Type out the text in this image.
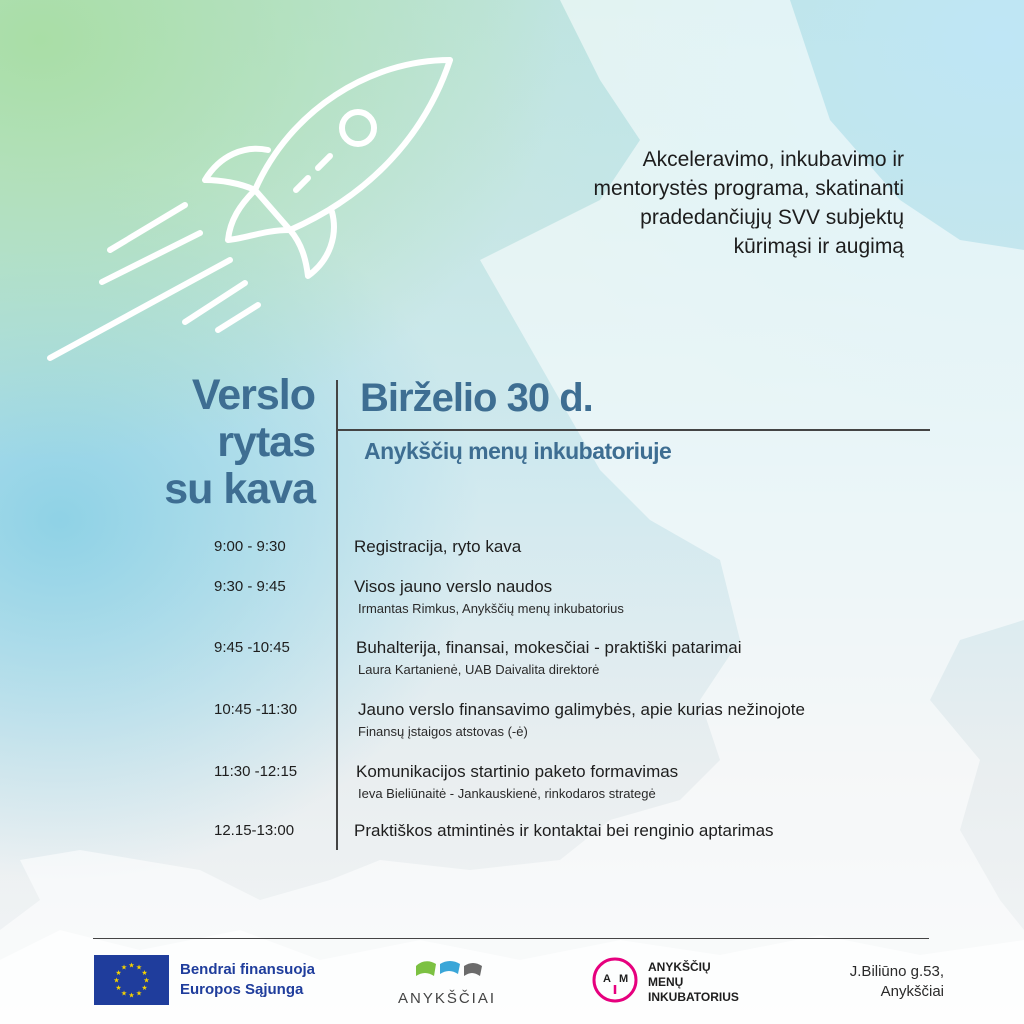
Akceleravimo, inkubavimo ir
mentorystės programa, skatinanti
pradedančiųjų SVV subjektų
kūrimąsi ir augimą
Verslo
rytas
su kava
Birželio 30 d.
Anykščių menų inkubatoriuje
9:00 - 9:30	Registracija, ryto kava
9:30 - 9:45	Visos jauno verslo naudos
Irmantas Rimkus, Anykščių menų inkubatorius
9:45 -10:45	Buhalterija, finansai, mokesčiai - praktiški patarimai
Laura Kartanienė, UAB Daivalita direktorė
10:45 -11:30	Jauno verslo finansavimo galimybės, apie kurias nežinojote
Finansų įstaigos atstovas (-ė)
11:30 -12:15	Komunikacijos startinio paketo formavimas
Ieva Bieliūnaitė - Jankauskienė, rinkodaros strategė
12.15-13:00	Praktiškos atmintinės ir kontaktai bei renginio aptarimas
★ ★
★
★
★
★
★
★
★
★
★
★	Bendrai finansuoja
Europos Sąjunga
ANYKŠČIAI
A M
ANYKŠČIŲ
MENŲ
INKUBATORIUS
J.Biliūno g.53,
Anykščiai
